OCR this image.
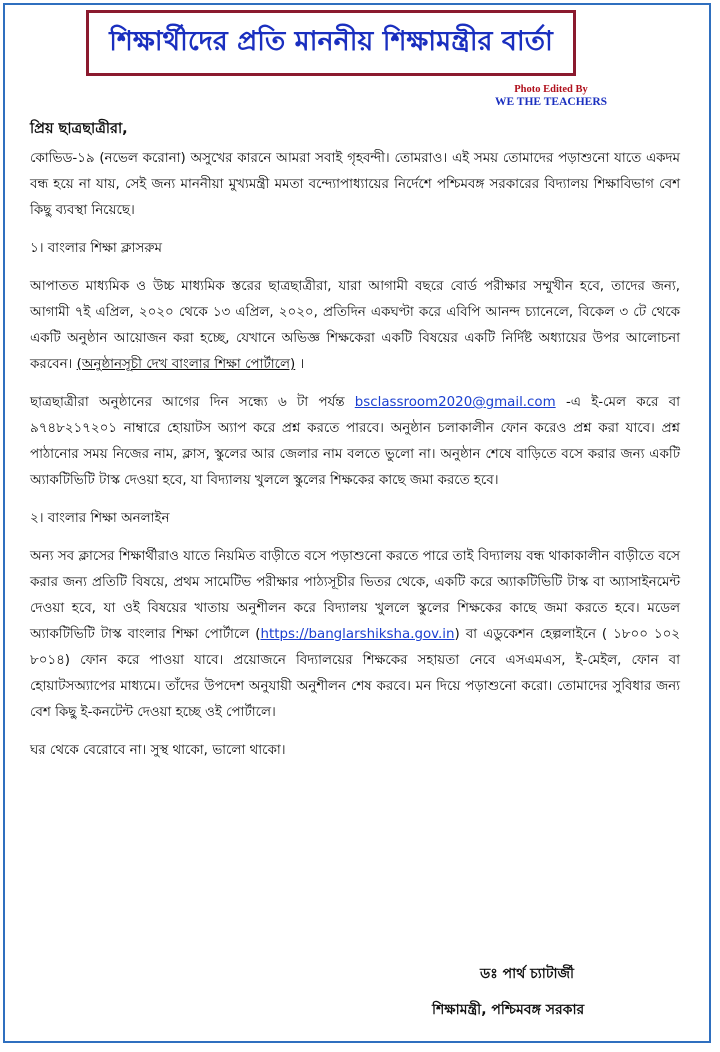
শিক্ষার্থীদের প্রতি মাননীয় শিক্ষামন্ত্রীর বার্তা
Photo Edited By
WE THE TEACHERS

প্রিয় ছাত্রছাত্রীরা,

কোভিড-১৯ (নভেল করোনা) অসুখের কারনে আমরা সবাই গৃহবন্দী। তোমরাও। এই সময় তোমাদের পড়াশুনো যাতে একদম বন্ধ হয়ে না যায়, সেই জন্য মাননীয়া মুখ্যমন্ত্রী মমতা বন্দ্যোপাধ্যায়ের নির্দেশে পশ্চিমবঙ্গ সরকারের বিদ্যালয় শিক্ষাবিভাগ বেশ কিছু ব্যবস্থা নিয়েছে।

১। বাংলার শিক্ষা ক্লাসরুম

আপাতত মাধ্যমিক ও উচ্চ মাধ্যমিক স্তরের ছাত্রছাত্রীরা, যারা আগামী বছরে বোর্ড পরীক্ষার সম্মুখীন হবে, তাদের জন্য, আগামী ৭ই এপ্রিল, ২০২০ থেকে ১৩ এপ্রিল, ২০২০, প্রতিদিন একঘণ্টা করে এবিপি আনন্দ চ্যানেলে, বিকেল ৩ টে থেকে একটি অনুষ্ঠান আয়োজন করা হচ্ছে, যেখানে অভিজ্ঞ শিক্ষকেরা একটি বিষয়ের একটি নির্দিষ্ট অধ্যায়ের উপর আলোচনা করবেন। (অনুষ্ঠানসূচী দেখ বাংলার শিক্ষা পোর্টালে) ।

ছাত্রছাত্রীরা অনুষ্ঠানের আগের দিন সন্ধ্যে ৬ টা পর্যন্ত bsclassroom2020@gmail.com -এ ই-মেল করে বা ৯৭৪৮২১৭২০১ নাম্বারে হোয়াটস অ্যাপ করে প্রশ্ন করতে পারবে। অনুষ্ঠান চলাকালীন ফোন করেও প্রশ্ন করা যাবে। প্রশ্ন পাঠানোর সময় নিজের নাম, ক্লাস, স্কুলের আর জেলার নাম বলতে ভুলো না। অনুষ্ঠান শেষে বাড়িতে বসে করার জন্য একটি অ্যাকটিভিটি টাস্ক দেওয়া হবে, যা বিদ্যালয় খুললে স্কুলের শিক্ষকের কাছে জমা করতে হবে।

২। বাংলার শিক্ষা অনলাইন

অন্য সব ক্লাসের শিক্ষার্থীরাও যাতে নিয়মিত বাড়ীতে বসে পড়াশুনো করতে পারে তাই বিদ্যালয় বন্ধ থাকাকালীন বাড়ীতে বসে করার জন্য প্রতিটি বিষয়ে, প্রথম সামেটিভ পরীক্ষার পাঠ্যসূচীর ভিতর থেকে, একটি করে অ্যাকটিভিটি টাস্ক বা অ্যাসাইনমেন্ট দেওয়া হবে, যা ওই বিষয়ের খাতায় অনুশীলন করে বিদ্যালয় খুললে স্কুলের শিক্ষকের কাছে জমা করতে হবে। মডেল অ্যাকটিভিটি টাস্ক বাংলার শিক্ষা পোর্টালে (https://banglarshiksha.gov.in) বা এডুকেশন হেল্পলাইনে ( ১৮০০ ১০২ ৮০১৪) ফোন করে পাওয়া যাবে। প্রয়োজনে বিদ্যালয়ের শিক্ষকের সহায়তা নেবে এসএমএস, ই-মেইল, ফোন বা হোয়াটসঅ্যাপের মাধ্যমে। তাঁদের উপদেশ অনুযায়ী অনুশীলন শেষ করবে। মন দিয়ে পড়াশুনো করো। তোমাদের সুবিধার জন্য বেশ কিছু ই-কনটেন্ট দেওয়া হচ্ছে ওই পোর্টালে।

ঘর থেকে বেরোবে না। সুস্থ থাকো, ভালো থাকো।

ডঃ পার্থ চ্যাটার্জী
শিক্ষামন্ত্রী, পশ্চিমবঙ্গ সরকার
